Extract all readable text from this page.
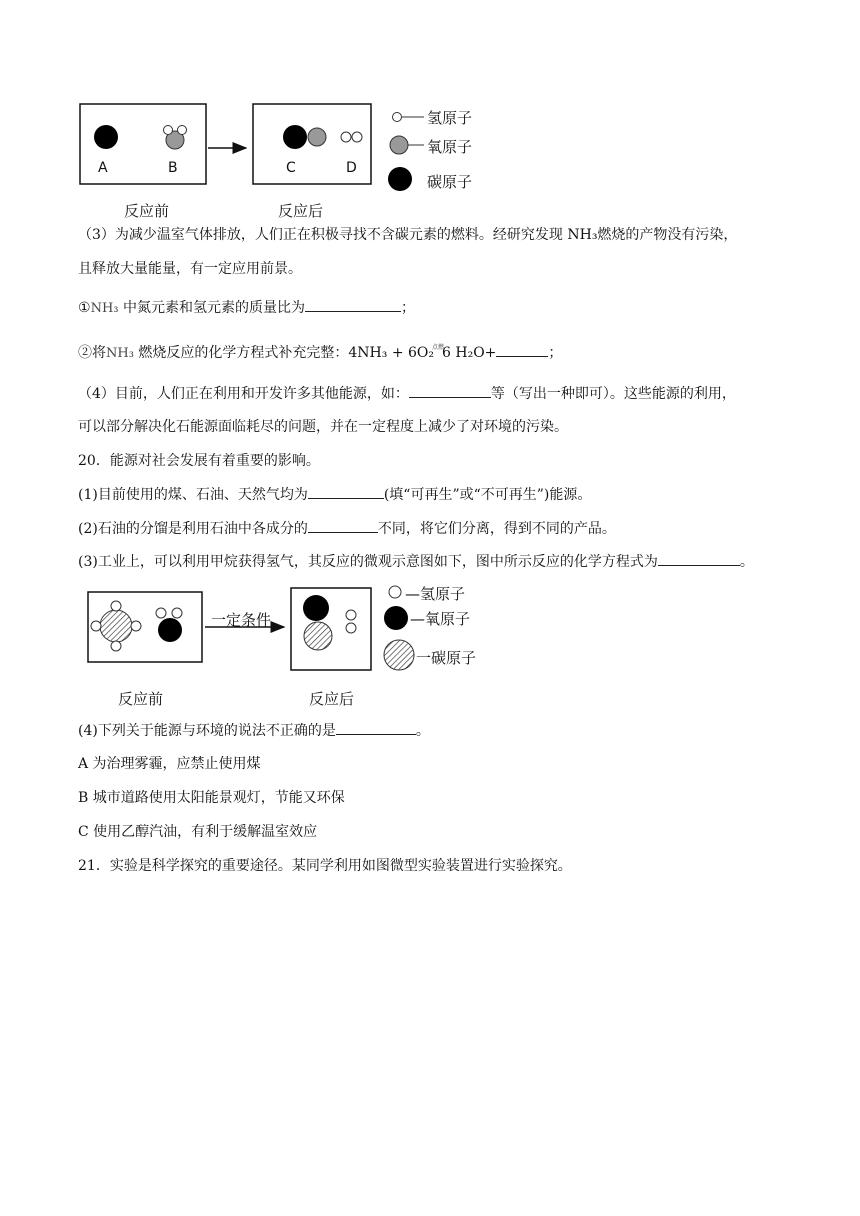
A	B	C	D
氢原子
氧原子
碳原子
反应前	反应后
（3）为减少温室气体排放，人们正在积极寻找不含碳元素的燃料。经研究发现 NH₃燃烧的产物没有污染，
且释放大量能量，有一定应用前景。
①NH₃ 中氮元素和氢元素的质量比为	；
②将NH₃ 燃烧反应的化学方程式补充完整：4NH₃ + 6O₂$^{点燃}$6 H₂O+	；
（4）目前，人们正在利用和开发许多其他能源，如：	等（写出一种即可）。这些能源的利用，
可以部分解决化石能源面临耗尽的问题，并在一定程度上减少了对环境的污染。
20．能源对社会发展有着重要的影响。
(1)目前使用的煤、石油、天然气均为	(填“可再生”或“不可再生”)能源。
(2)石油的分馏是利用石油中各成分的	不同，将它们分离，得到不同的产品。
(3)工业上，可以利用甲烷获得氢气，其反应的微观示意图如下，图中所示反应的化学方程式为	。
一定条件
—氢原子
—氧原子
一碳原子
反应前	反应后
(4)下列关于能源与环境的说法不正确的是	。
A 为治理雾霾，应禁止使用煤
B 城市道路使用太阳能景观灯，节能又环保
C 使用乙醇汽油，有利于缓解温室效应
21．实验是科学探究的重要途径。某同学利用如图微型实验装置进行实验探究。
